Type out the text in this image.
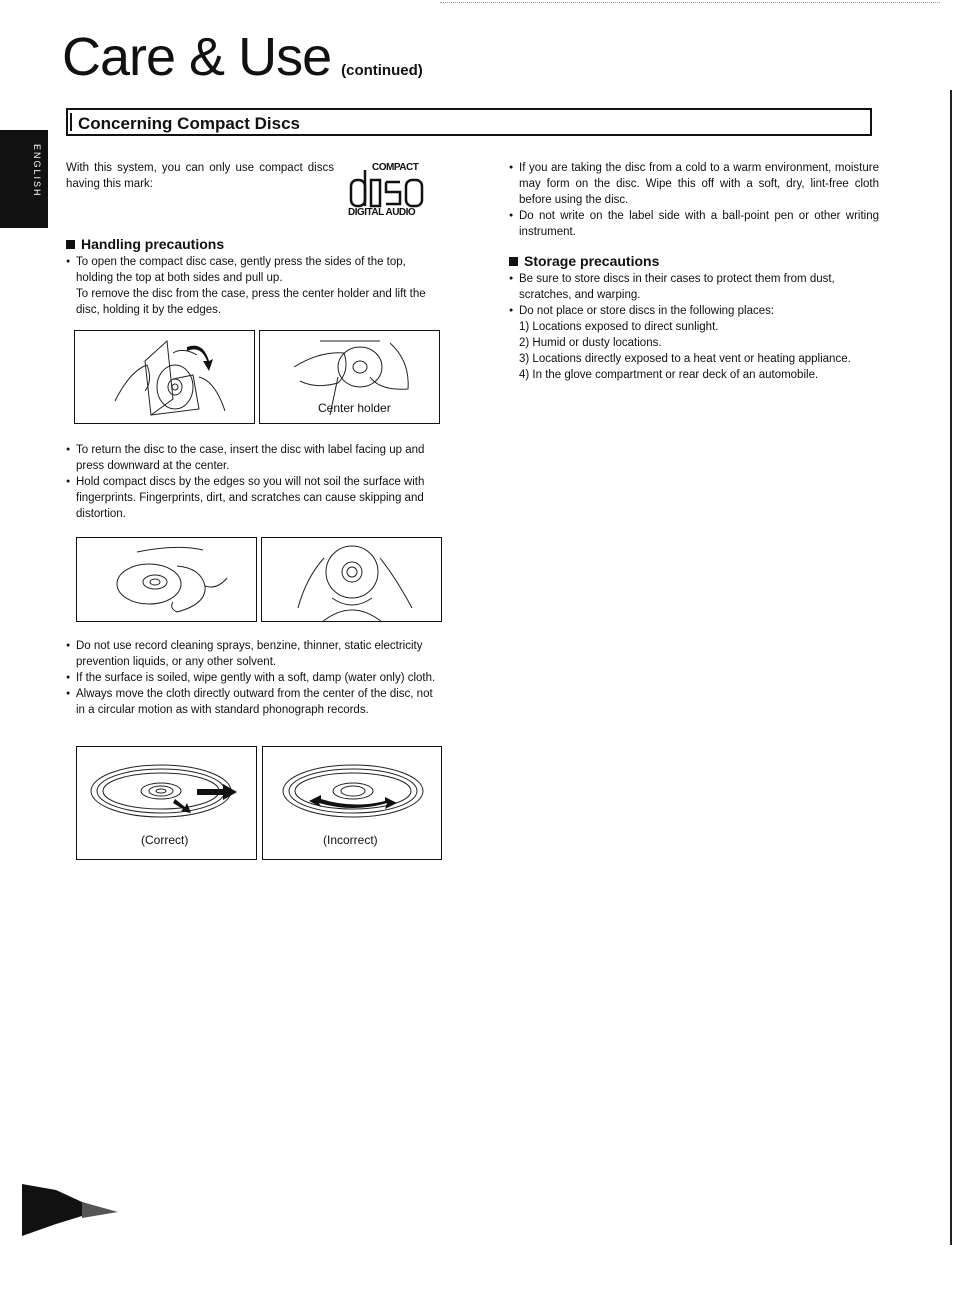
Care & Use (continued)
Concerning Compact Discs
ENGLISH With this system, you can only use compact discs having this mark:
COMPACT
DIGITAL AUDIO
Handling precautions
● To open the compact disc case, gently press the sides of the top, holding the top at both sides and pull up.
To remove the disc from the case, press the center holder and lift the disc, holding it by the edges.
Center holder
● To return the disc to the case, insert the disc with label facing up and press downward at the center.
● Hold compact discs by the edges so you will not soil the surface with fingerprints. Fingerprints, dirt, and scratches can cause skipping and distortion.
● Do not use record cleaning sprays, benzine, thinner, static electricity prevention liquids, or any other solvent.
● If the surface is soiled, wipe gently with a soft, damp (water only) cloth.
● Always move the cloth directly outward from the center of the disc, not in a circular motion as with standard phonograph records.
(Correct)	(Incorrect)
● If you are taking the disc from a cold to a warm environment, moisture may form on the disc. Wipe this off with a soft, dry, lint-free cloth before using the disc.
● Do not write on the label side with a ball-point pen or other writing instrument.
Storage precautions
● Be sure to store discs in their cases to protect them from dust, scratches, and warping.
● Do not place or store discs in the following places:
1) Locations exposed to direct sunlight.
2) Humid or dusty locations.
3) Locations directly exposed to a heat vent or heating appliance.
4) In the glove compartment or rear deck of an automobile.
